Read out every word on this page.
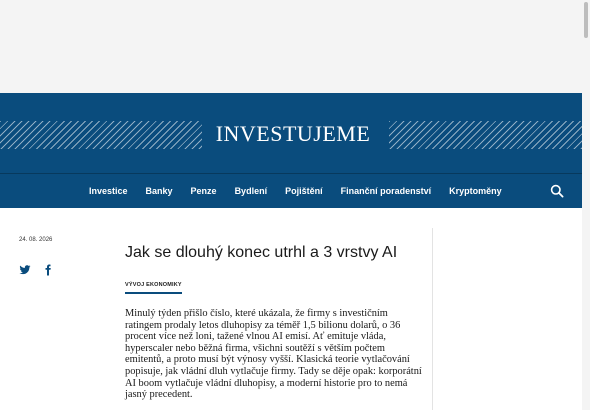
INVESTUJEME
Investice	Banky	Penze	Bydlení	Pojištění	Finanční poradenství	Kryptoměny
24. 08. 2026
Jak se dlouhý konec utrhl a 3 vrstvy AI
VÝVOJ EKONOMIKY

Minulý týden přišlo číslo, které ukázala, že firmy s investičním ratingem prodaly letos dluhopisy za téměř 1,5 bilionu dolarů, o 36 procent více než loni, tažené vlnou AI emisí. Ať emituje vláda, hyperscaler nebo běžná firma, všichni soutěží s větším počtem emitentů, a proto musí být výnosy vyšší. Klasická teorie vytlačování popisuje, jak vládní dluh vytlačuje firmy. Tady se děje opak: korporátní AI boom vytlačuje vládní dluhopisy, a moderní historie pro to nemá jasný precedent.
